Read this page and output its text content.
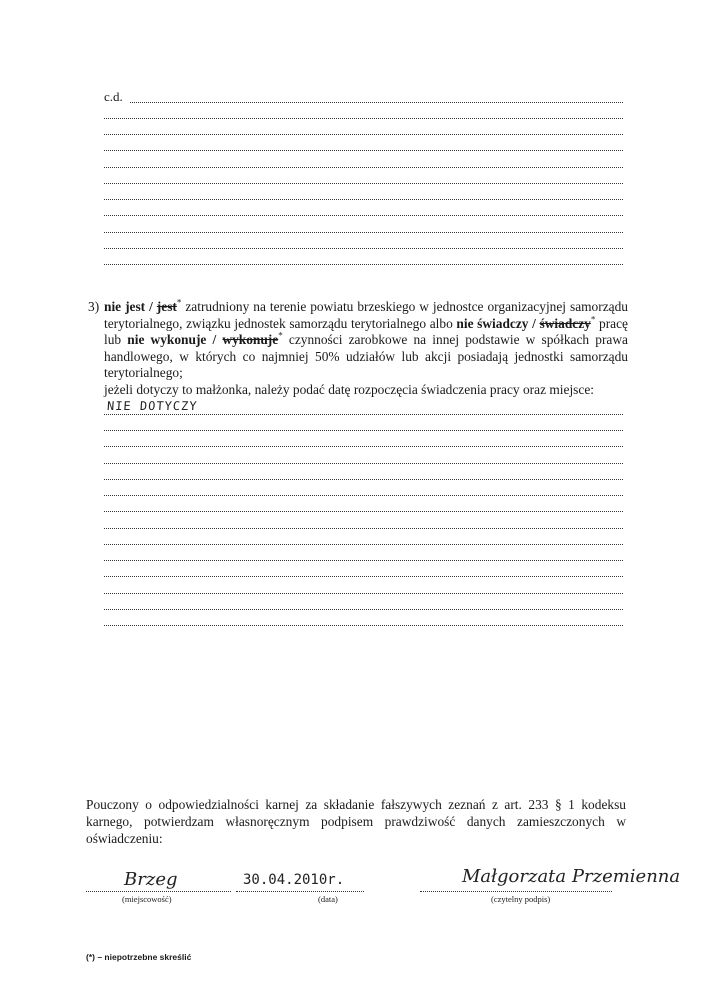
c.d.
3) nie jest / jest* zatrudniony na terenie powiatu brzeskiego w jednostce organizacyjnej samorządu terytorialnego, związku jednostek samorządu terytorialnego albo nie świadczy / świadczy* pracę lub nie wykonuje / wykonuje* czynności zarobkowe na innej podstawie w spółkach prawa handlowego, w których co najmniej 50% udziałów lub akcji posiadają jednostki samorządu terytorialnego;
jeżeli dotyczy to małżonka, należy podać datę rozpoczęcia świadczenia pracy oraz miejsce:
NIE DOTYCZY
Pouczony o odpowiedzialności karnej za składanie fałszywych zeznań z art. 233 § 1 kodeksu karnego, potwierdzam własnoręcznym podpisem prawdziwość danych zamieszczonych w oświadczeniu:
Brzeg	30.04.2010r.	Małgorzata Przemienna
(miejscowość)	(data)	(czytelny podpis)
(*) – niepotrzebne skreślić
